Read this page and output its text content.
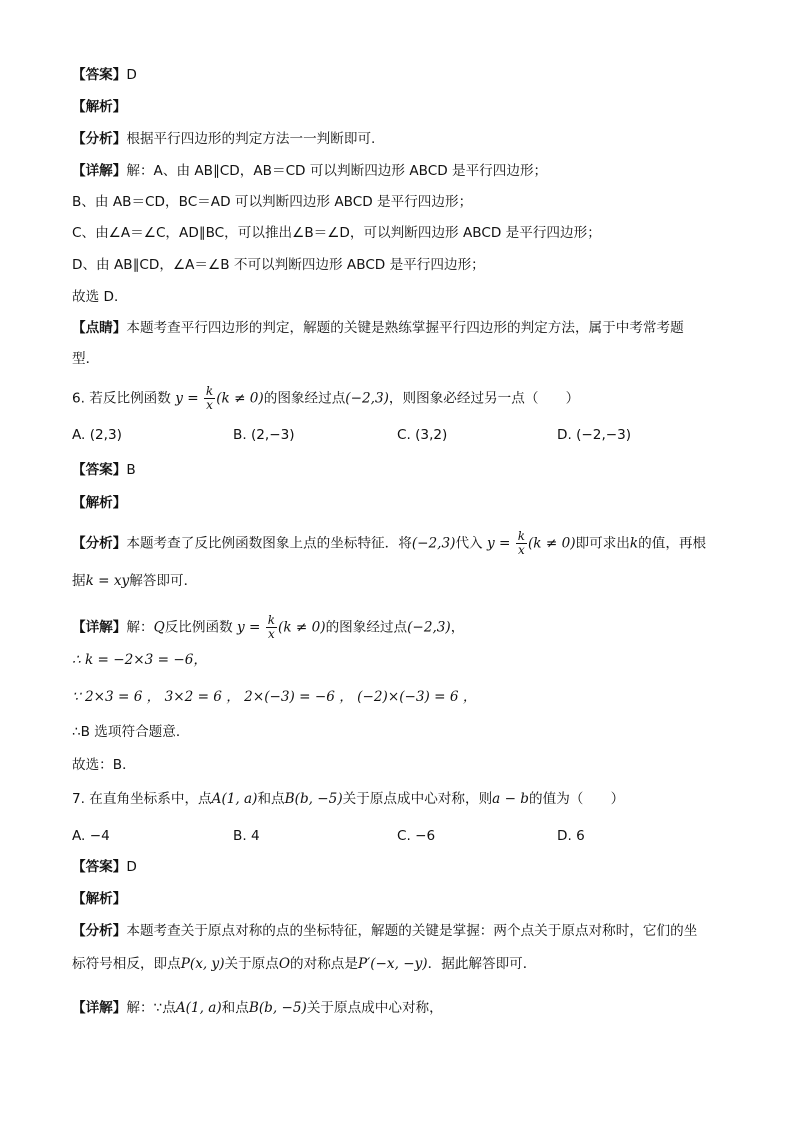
【答案】D
【解析】
【分析】根据平行四边形的判定方法一一判断即可.
【详解】解：A、由 AB∥CD，AB＝CD 可以判断四边形 ABCD 是平行四边形；
B、由 AB＝CD，BC＝AD 可以判断四边形 ABCD 是平行四边形；
C、由∠A＝∠C，AD∥BC，可以推出∠B＝∠D，可以判断四边形 ABCD 是平行四边形；
D、由 AB∥CD，∠A＝∠B 不可以判断四边形 ABCD 是平行四边形；
故选 D．
【点睛】本题考查平行四边形的判定，解题的关键是熟练掌握平行四边形的判定方法，属于中考常考题
型．
6. 若反比例函数 $y = \frac{k}{x} (k \ne 0)$的图象经过点(−2,3)，则图象必经过另一点（　　）
A. (2,3)	B. (2,−3)	C. (3,2)	D. (−2,−3)
【答案】B
【解析】
【分析】本题考查了反比例函数图象上点的坐标特征．将(−2,3)代入 $y = \frac{k}{x} (k \ne 0)$即可求出k的值，再根
据k = xy解答即可．
【详解】解：Q反比例函数 $y = \frac{k}{x} (k \ne 0)$的图象经过点(−2,3)，
∴ k = −2×3 = −6，
∵ 2×3 = 6 ， 3×2 = 6 ， 2×(−3) = −6 ， (−2)×(−3) = 6 ，
∴B 选项符合题意．
故选：B．
7. 在直角坐标系中，点A(1, a)和点B(b, −5)关于原点成中心对称，则a − b的值为（　　）
A. −4	B. 4	C. −6	D. 6
【答案】D
【解析】
【分析】本题考查关于原点对称的点的坐标特征，解题的关键是掌握：两个点关于原点对称时，它们的坐
标符号相反，即点P(x, y)关于原点O的对称点是P′(−x, −y)．据此解答即可．
【详解】解：∵点A(1, a)和点B(b, −5)关于原点成中心对称，
